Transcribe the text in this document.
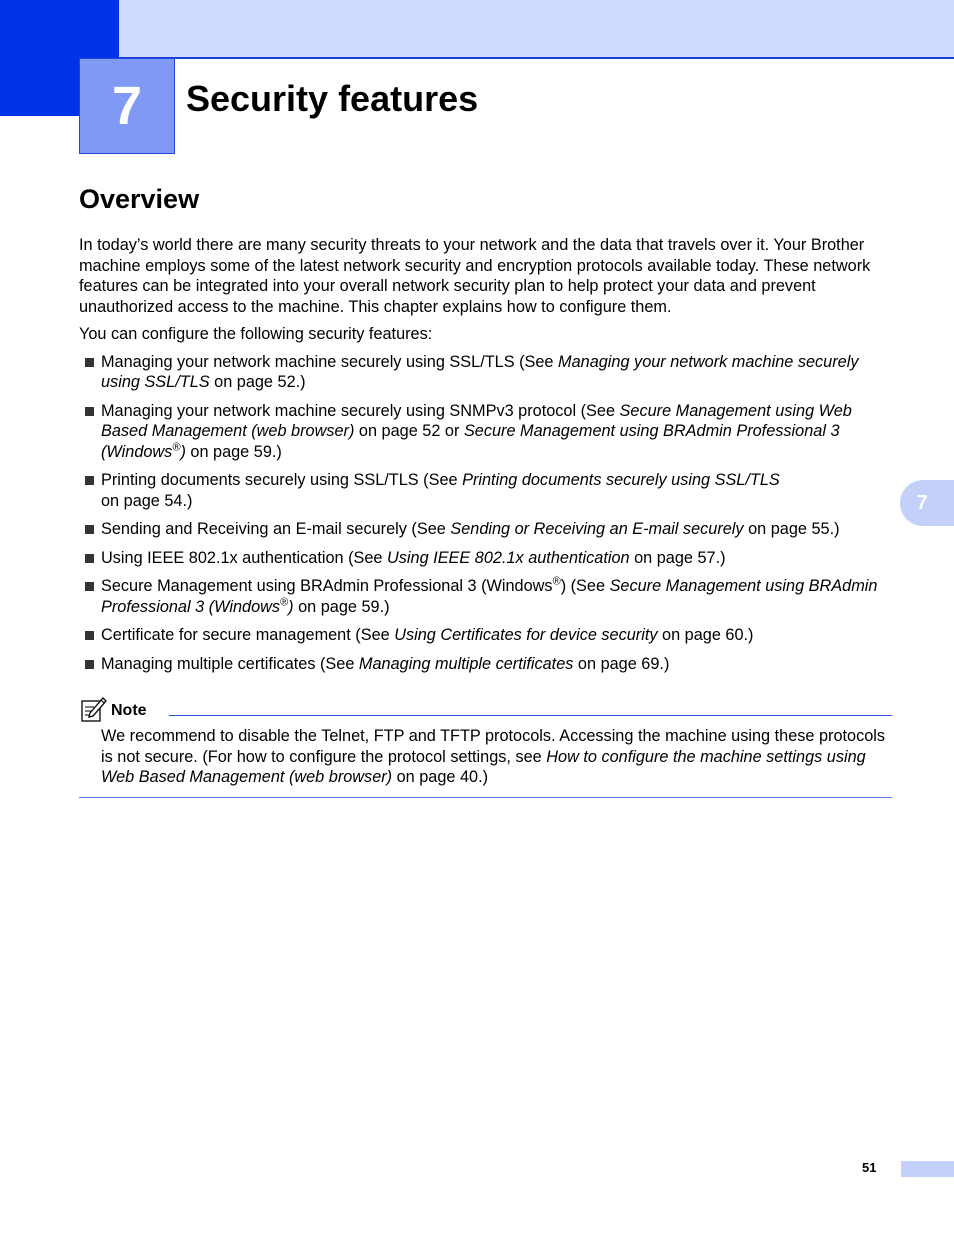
7	Security features
7
Overview

In today’s world there are many security threats to your network and the data that travels over it. Your Brother machine employs some of the latest network security and encryption protocols available today. These network features can be integrated into your overall network security plan to help protect your data and prevent unauthorized access to the machine. This chapter explains how to configure them.

You can configure the following security features:

Managing your network machine securely using SSL/TLS (See Managing your network machine securely using SSL/TLS on page 52.)
Managing your network machine securely using SNMPv3 protocol (See Secure Management using Web Based Management (web browser) on page 52 or Secure Management using BRAdmin Professional 3 (Windows®) on page 59.)
Printing documents securely using SSL/TLS (See Printing documents securely using SSL/TLS
on page 54.)
Sending and Receiving an E-mail securely (See Sending or Receiving an E-mail securely on page 55.)
Using IEEE 802.1x authentication (See Using IEEE 802.1x authentication on page 57.)
Secure Management using BRAdmin Professional 3 (Windows®) (See Secure Management using BRAdmin Professional 3 (Windows®) on page 59.)
Certificate for secure management (See Using Certificates for device security on page 60.)
Managing multiple certificates (See Managing multiple certificates on page 69.)
Note
We recommend to disable the Telnet, FTP and TFTP protocols. Accessing the machine using these protocols is not secure. (For how to configure the protocol settings, see How to configure the machine settings using Web Based Management (web browser) on page 40.)
51
